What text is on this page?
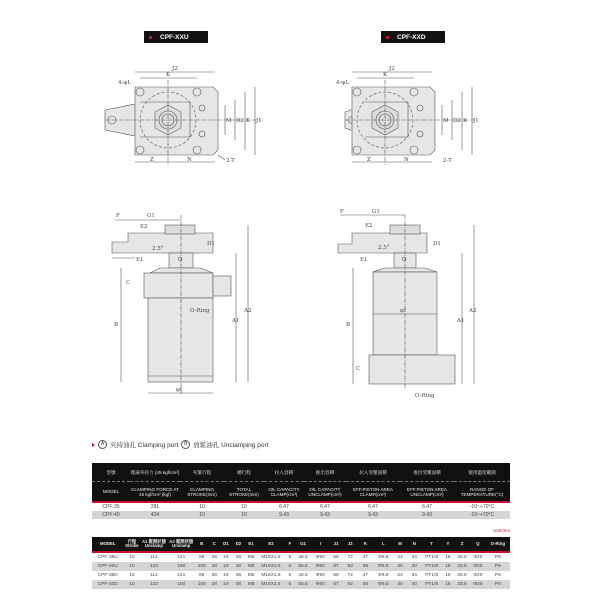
CPF-XXU	CPF-XXD
J2
K
4-φL
M D2 K J1
Z	N	2-T
J2
K
4-φL
M D2 K J1
Z	N	2-T
F	G1
E2
2.5°
D1
E1	Q
C
O-Ring
B
A1
A2
φI
F	G1
E2
2.5°
D1
E1	Q
φI
B
A1
A2
C
O-Ring
A 夾持油孔 Clamping port	B 放鬆油孔 Unclamping port
型號	理論夾持力 (45 kgf/cm²)	夾緊行程	總行程	拉入容積	推出容積	拉入受壓面積	推出受壓面積	使用溫度範圍
MODEL	CLAMPING FORCE AT 45 kgf/cm² (kgf)	CLAMPING STROKE(mm)	TOTAL STROKE(mm)	OIL CAPACITY CLAMP(cm³)	OIL CAPACITY UNCLAMP(cm³)	EFF.PISTON AREA CLAMP(cm²)	EFF.PISTON AREA UNCLAMP(cm²)	RANGE OF TEMPERATURE(°C)
CPF-35	291	10	10	6.47	6.47	6.47	6.47	-10~+70°C
CPF-40	424	10	10	9.43	9.43	9.43	9.43	-10~+70°C
Unit:mm
MODEL	行程 Stroke	A1 鬆開狀態 Unclamp	A2 鬆開狀態 Unclamp	B	C	D1	D2	E1	E2	F	G1	I	J1	J2	K	L	M	N	T	Y	Z	Q	O-Ring
CPF-35U	10	114	141	96	28	19	38	M6	M16X1.5	6	46.5	Φ60	59	72	47	Φ6.8	24	34	PT1/8	16	29.5	Φ20	P6
CPF-40U	10	123	150	109	28	19	38	M8	M16X1.5	6	55.5	Φ60	67	82	55	Φ6.8	30	40	PT1/8	16	33.5	Φ20	P9
CPF-35D	10	114	141	96	28	19	38	M6	M16X1.5	6	46.5	Φ60	59	72	47	Φ6.8	24	34	PT1/8	16	29.5	Φ20	P6
CPF-40D	10	123	150	109	28	19	38	M8	M16X1.5	6	55.5	Φ60	67	82	55	Φ6.8	30	40	PT1/8	16	33.5	Φ20	P9
